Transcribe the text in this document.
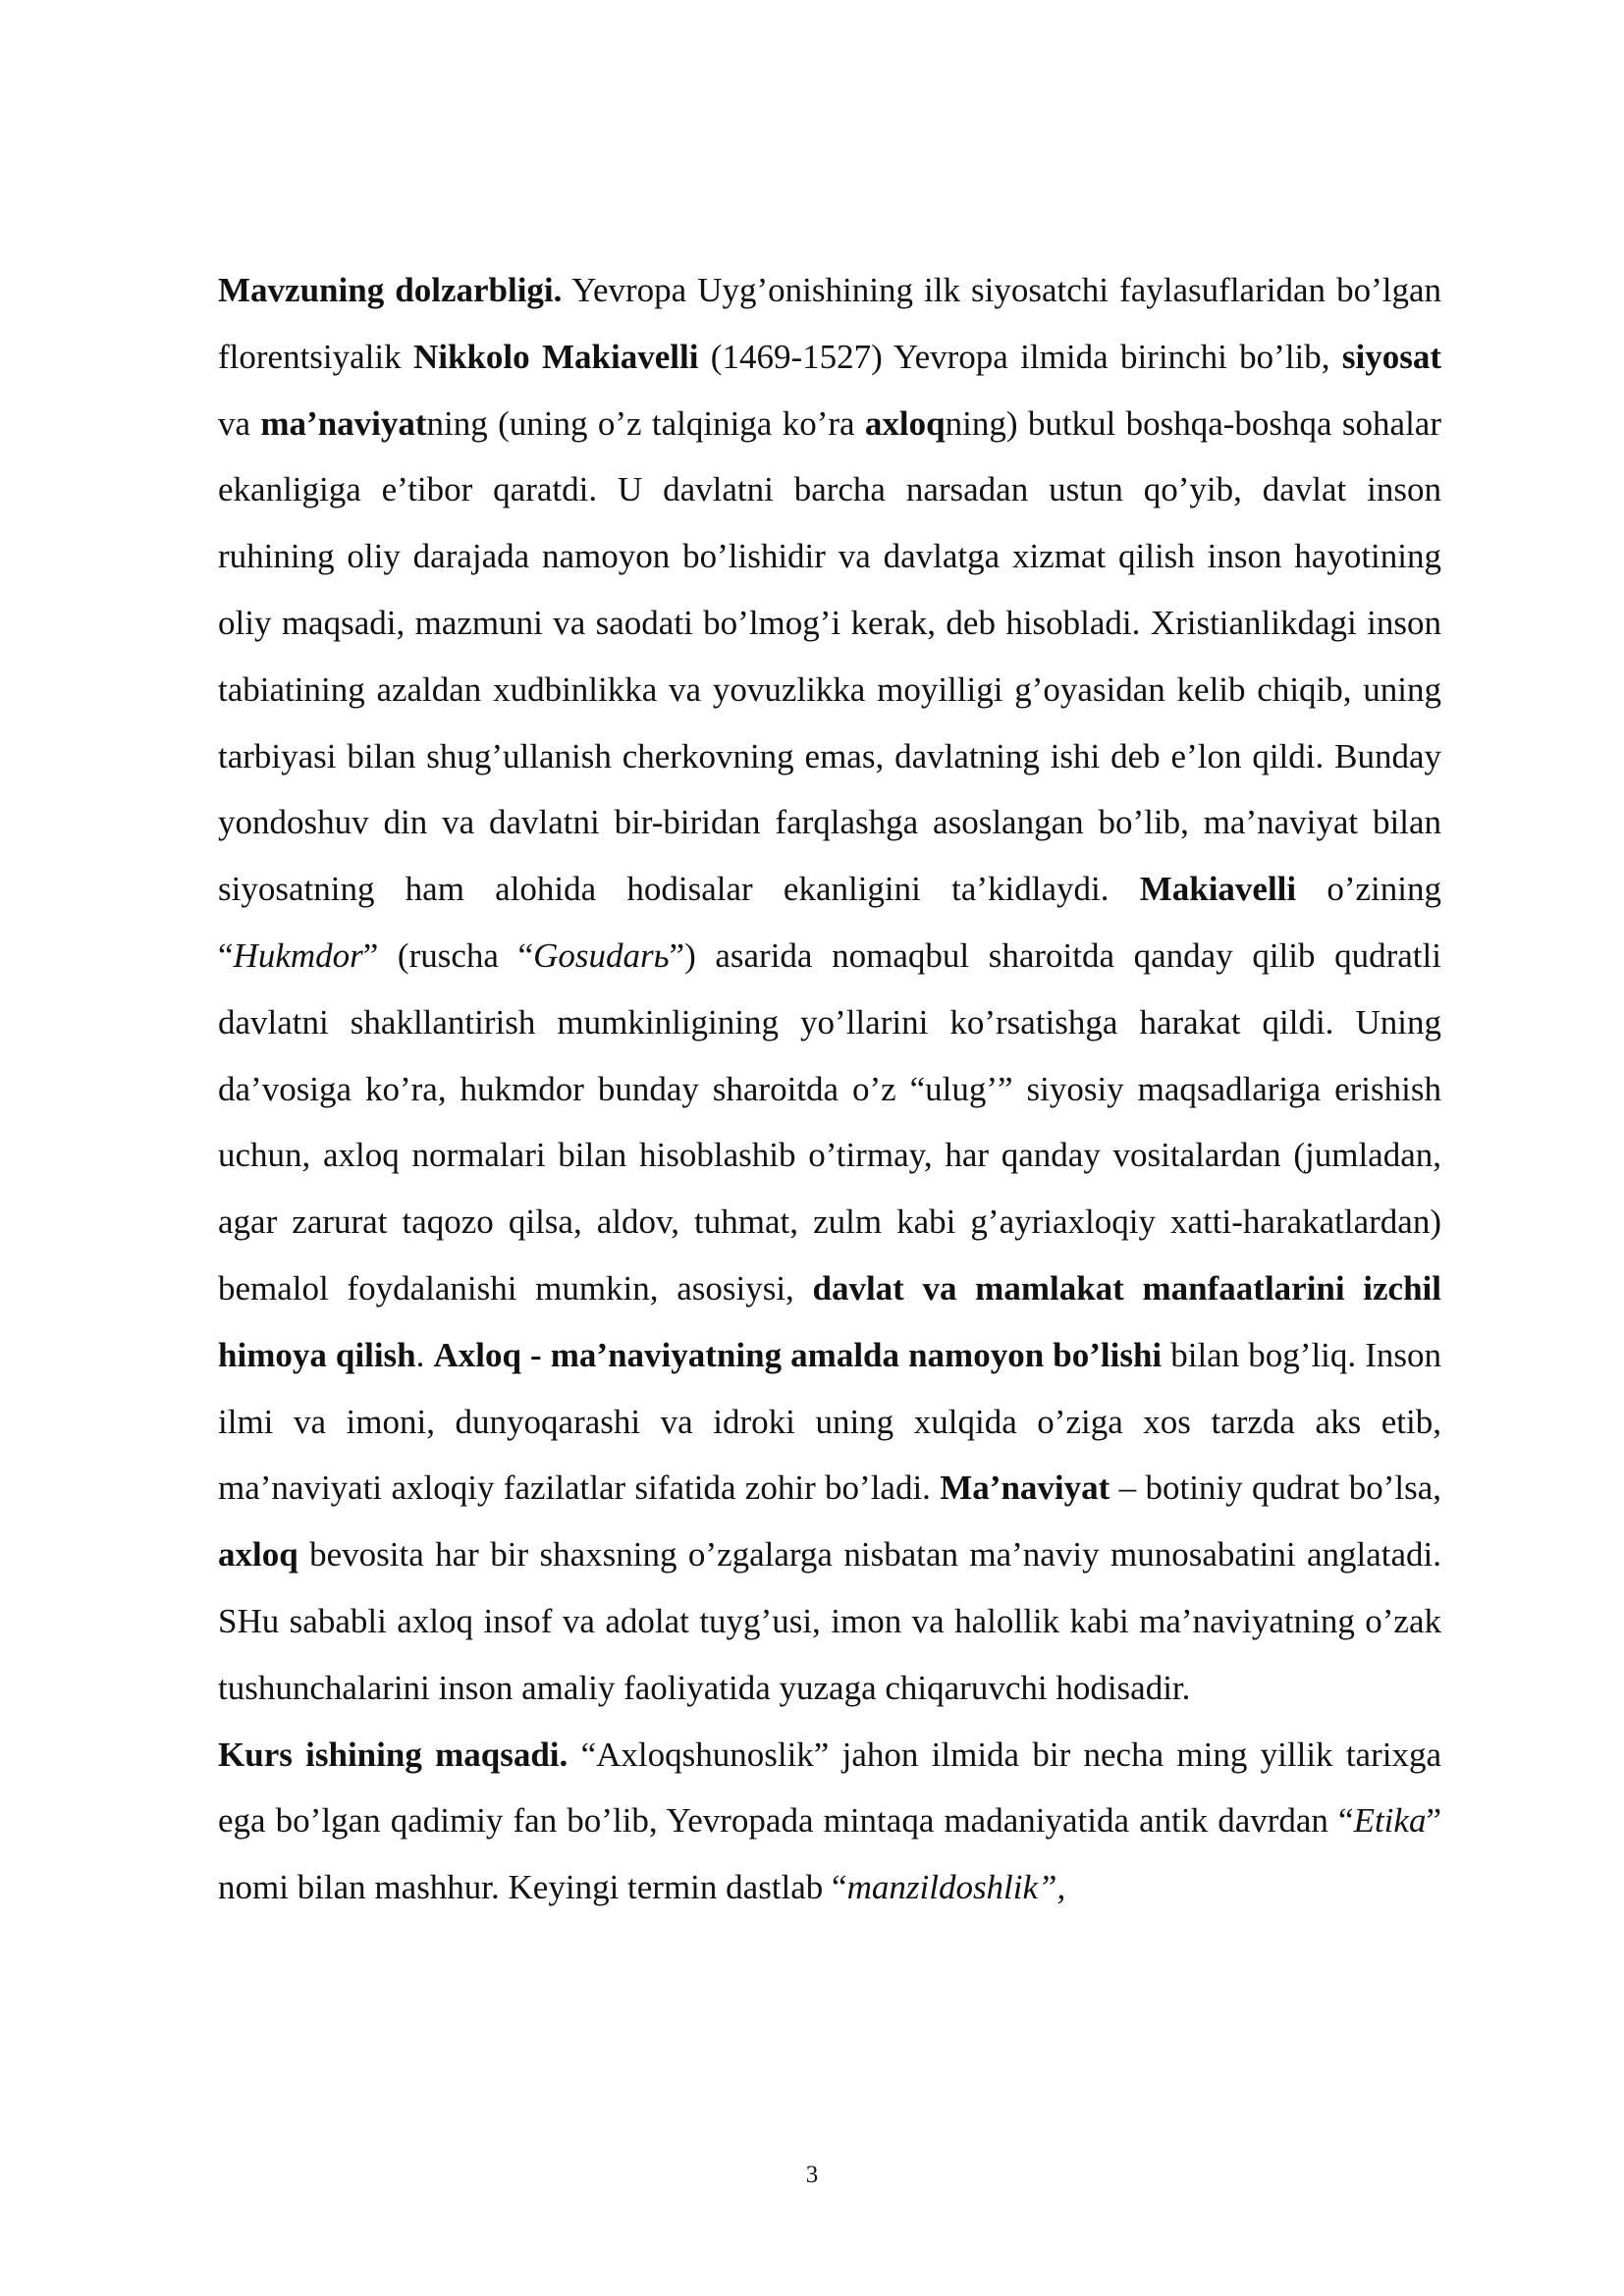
Mavzuning dolzarbligi. Yevropa Uyg’onishining ilk siyosatchi faylasuflaridan bo’lgan florentsiyalik Nikkolo Makiavelli (1469-1527) Yevropa ilmida birinchi bo’lib, siyosat va ma’naviyatning (uning o’z talqiniga ko’ra axloqning) butkul boshqa-boshqa sohalar ekanligiga e’tibor qaratdi. U davlatni barcha narsadan ustun qo’yib, davlat inson ruhining oliy darajada namoyon bo’lishidir va davlatga xizmat qilish inson hayotining oliy maqsadi, mazmuni va saodati bo’lmog’i kerak, deb hisobladi. Xristianlikdagi inson tabiatining azaldan xudbinlikka va yovuzlikka moyilligi g’oyasidan kelib chiqib, uning tarbiyasi bilan shug’ullanish cherkovning emas, davlatning ishi deb e’lon qildi. Bunday yondoshuv din va davlatni bir-biridan farqlashga asoslangan bo’lib, ma’naviyat bilan siyosatning ham alohida hodisalar ekanligini ta’kidlaydi. Makiavelli o’zining “Hukmdor” (ruscha “Gosudarь”) asarida nomaqbul sharoitda qanday qilib qudratli davlatni shakllantirish mumkinligining yo’llarini ko’rsatishga harakat qildi. Uning da’vosiga ko’ra, hukmdor bunday sharoitda o’z “ulug’” siyosiy maqsadlariga erishish uchun, axloq normalari bilan hisoblashib o’tirmay, har qanday vositalardan (jumladan, agar zarurat taqozo qilsa, aldov, tuhmat, zulm kabi g’ayriaxloqiy xatti-harakatlardan) bemalol foydalanishi mumkin, asosiysi, davlat va mamlakat manfaatlarini izchil himoya qilish. Axloq - ma’naviyatning amalda namoyon bo’lishi bilan bog’liq. Inson ilmi va imoni, dunyoqarashi va idroki uning xulqida o’ziga xos tarzda aks etib, ma’naviyati axloqiy fazilatlar sifatida zohir bo’ladi. Ma’naviyat – botiniy qudrat bo’lsa, axloq bevosita har bir shaxsning o’zgalarga nisbatan ma’naviy munosabatini anglatadi. SHu sababli axloq insof va adolat tuyg’usi, imon va halollik kabi ma’naviyatning o’zak tushunchalarini inson amaliy faoliyatida yuzaga chiqaruvchi hodisadir.

Kurs ishining maqsadi. “Axloqshunoslik” jahon ilmida bir necha ming yillik tarixga ega bo’lgan qadimiy fan bo’lib, Yevropada mintaqa madaniyatida antik davrdan “Etika” nomi bilan mashhur. Keyingi termin dastlab “manzildoshlik”,

3
